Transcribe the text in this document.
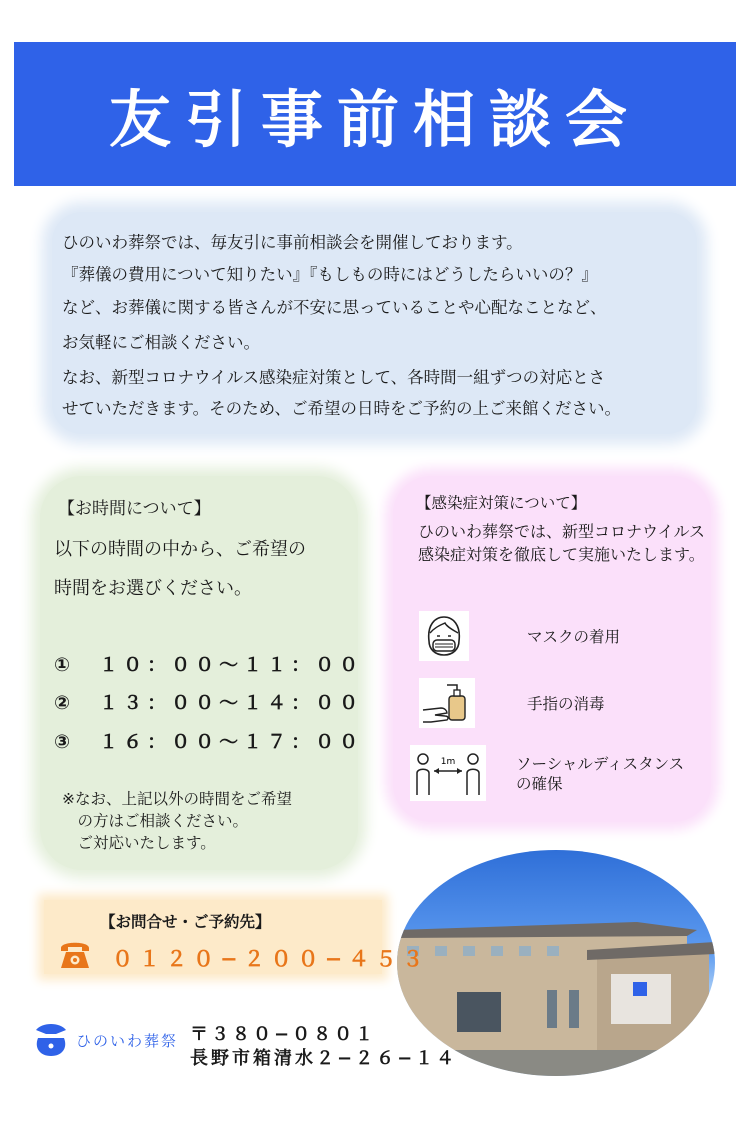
友引事前相談会
ひのいわ葬祭では、毎友引に事前相談会を開催しております。
『葬儀の費用について知りたい』『もしもの時にはどうしたらいいの？』
など、お葬儀に関する皆さんが不安に思っていることや心配なことなど、
お気軽にご相談ください。
なお、新型コロナウイルス感染症対策として、各時間一組ずつの対応とさ
せていただきます。そのため、ご希望の日時をご予約の上ご来館ください。
【お時間について】
以下の時間の中から、ご希望の
時間をお選びください。
①　１０：００〜１１：００
②　１３：００〜１４：００
③　１６：００〜１７：００
※なお、上記以外の時間をご希望
　の方はご相談ください。
　ご対応いたします。
【感染症対策について】
ひのいわ葬祭では、新型コロナウイルス感染症対策を徹底して実施いたします。
マスクの着用
手指の消毒
1m	ソーシャルディスタンス
の確保
【お問合せ・ご予約先】
０１２０−２００−４５３
ひのいわ葬祭 〒３８０−０８０１
長野市箱清水２−２６−１４
